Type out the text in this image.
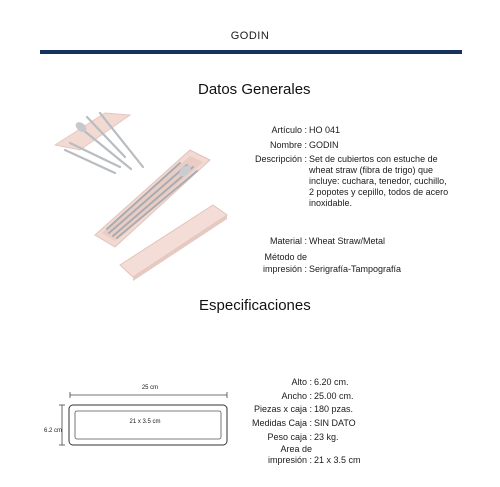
GODIN
Datos Generales
Artículo : HO 041
Nombre : GODIN
Descripción : Set de cubiertos con estuche de wheat straw (fibra de trigo) que incluye: cuchara, tenedor, cuchillo, 2 popotes y cepillo, todos de acero inoxidable.
Material : Wheat Straw/Metal
Método de
impresión : Serigrafía-Tampografía
Especificaciones
25 cm
6.2 cm
21 x 3.5 cm
Alto : 6.20 cm.
Ancho : 25.00 cm.
Piezas x caja : 180 pzas.
Medidas Caja : SIN DATO
Peso caja : 23 kg.
Area de
impresión : 21 x 3.5 cm
